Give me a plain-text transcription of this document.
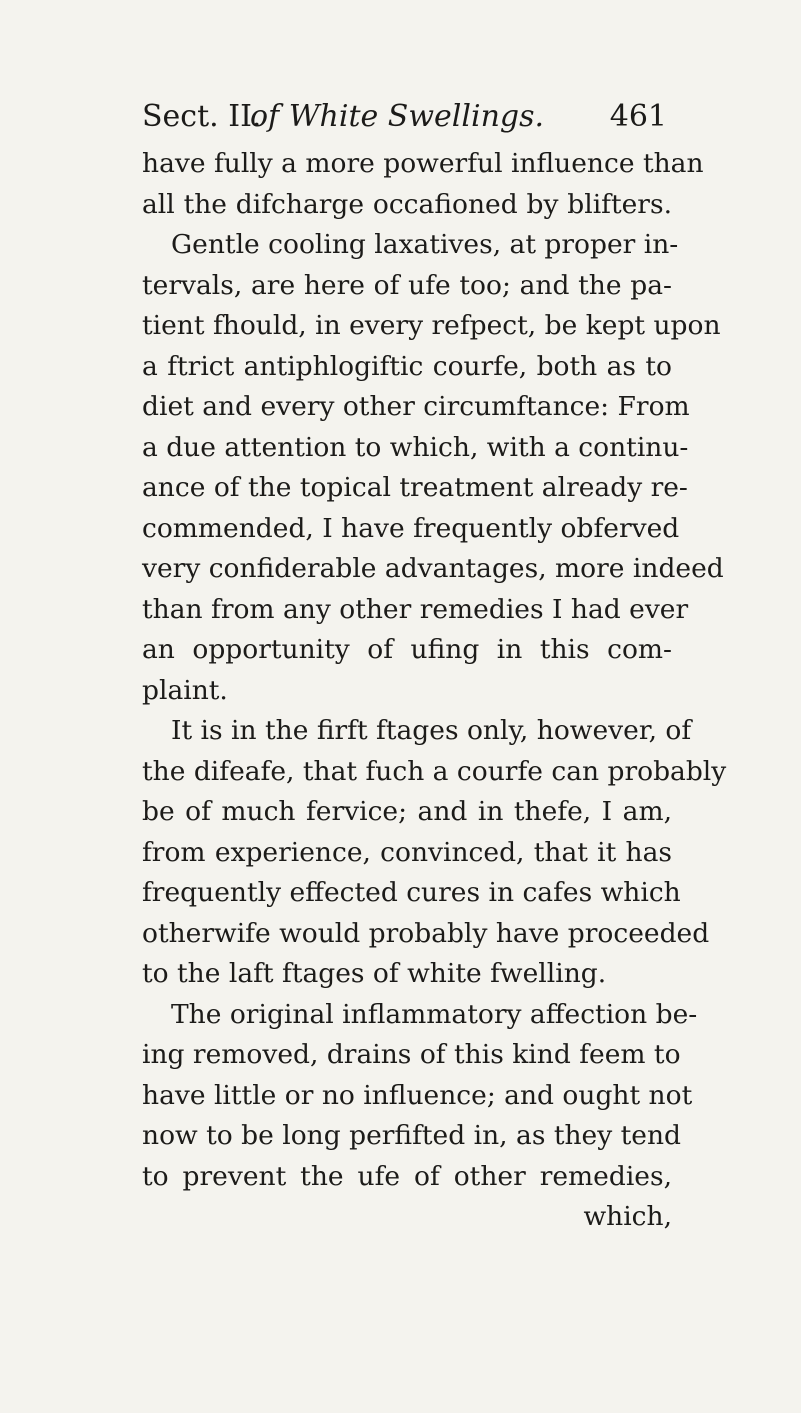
Sect. II.
of White Swellings. 461
have fully a more powerful influence than
all the difcharge occafioned by blifters.
Gentle cooling laxatives, at proper in-
tervals, are here of ufe too; and the pa-
tient fhould, in every refpect, be kept upon
a ftrict antiphlogiftic courfe, both as to
diet and every other circumftance: From
a due attention to which, with a continu-
ance of the topical treatment already re-
commended, I have frequently obferved
very confiderable advantages, more indeed
than from any other remedies I had ever
an opportunity of ufing in this com-
plaint.
It is in the firft ftages only, however, of
the difeafe, that fuch a courfe can probably
be of much fervice; and in thefe, I am,
from experience, convinced, that it has
frequently effected cures in cafes which
otherwife would probably have proceeded
to the laft ftages of white fwelling.
The original inflammatory affection be-
ing removed, drains of this kind feem to
have little or no influence; and ought not
now to be long perfifted in, as they tend
to prevent the ufe of other remedies,
which,
